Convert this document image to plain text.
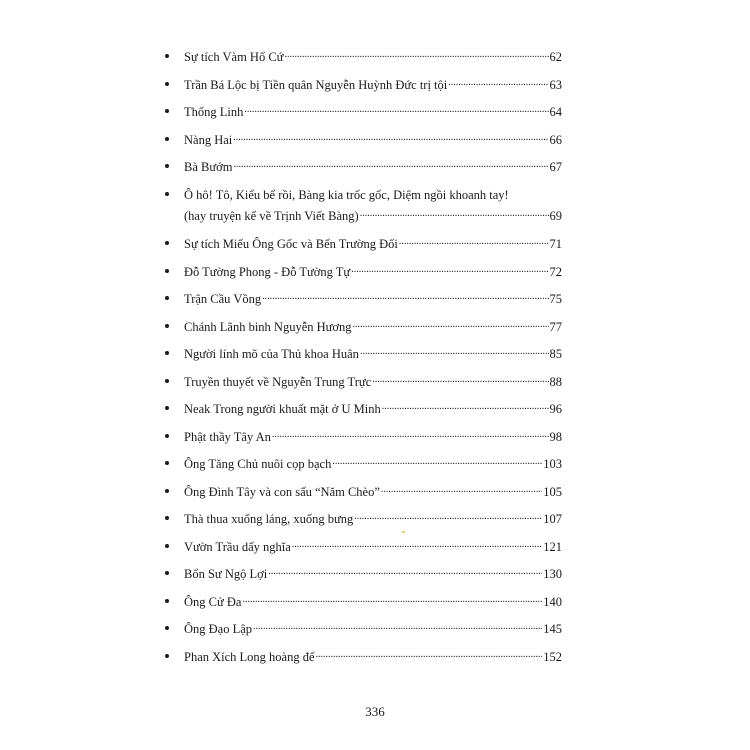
Sự tích Vàm Hổ Cứ .....	62
Trần Bá Lộc bị Tiền quân Nguyễn Huỳnh Đức trị tội .....	63
Thống Linh .....	64
Nàng Hai .....	66
Bà Bướm .....	67
Ô hô! Tô, Kiểu bể rồi, Bàng kia trốc gốc, Diệm ngồi khoanh tay!
(hay truyện kể về Trịnh Viết Bàng) .....	69
Sự tích Miếu Ông Gốc và Bến Trường Đối .....	71
Đỗ Tường Phong - Đỗ Tường Tự .....	72
Trận Cầu Vồng .....	75
Chánh Lãnh binh Nguyễn Hương .....	77
Người lính mõ của Thủ khoa Huân .....	85
Truyền thuyết về Nguyễn Trung Trực .....	88
Neak Trong người khuất mặt ở U Minh .....	96
Phật thầy Tây An .....	98
Ông Tăng Chủ nuôi cọp bạch .....	103
Ông Đình Tây và con sấu “Năm Chèo” .....	105
Thà thua xuống láng, xuống bưng .....	107
Vườn Trầu dấy nghĩa .....	121
Bổn Sư Ngộ Lợi .....	130
Ông Cử Đa .....	140
Ông Đạo Lập .....	145
Phan Xích Long hoàng đế .....	152
336
